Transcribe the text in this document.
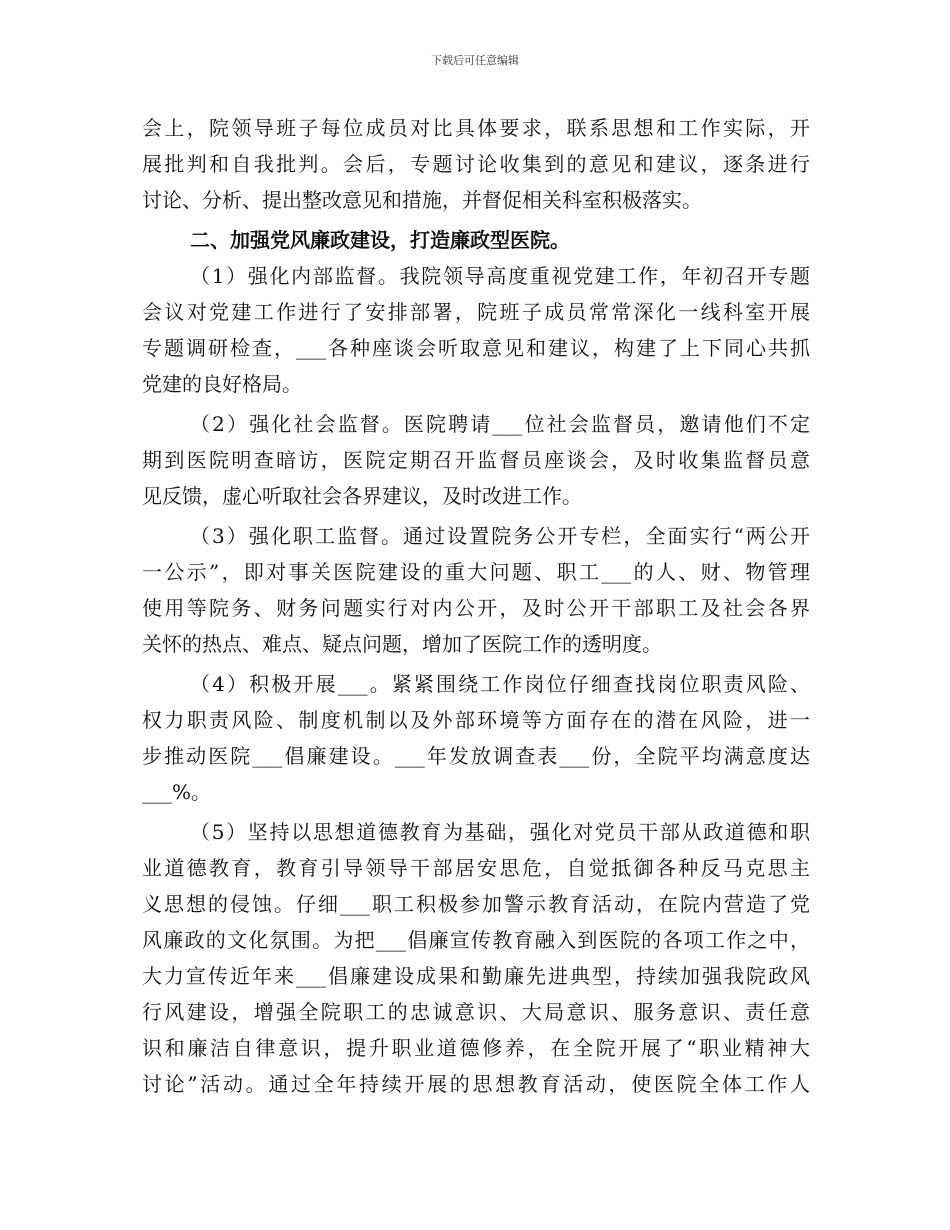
下载后可任意编辑
会上，院领导班子每位成员对比具体要求，联系思想和工作实际，开
展批判和自我批判。会后，专题讨论收集到的意见和建议，逐条进行
讨论、分析、提出整改意见和措施，并督促相关科室积极落实。
二、加强党风廉政建设，打造廉政型医院。
（1）强化内部监督。我院领导高度重视党建工作，年初召开专题
会议对党建工作进行了安排部署，院班子成员常常深化一线科室开展
专题调研检查，___各种座谈会听取意见和建议，构建了上下同心共抓
党建的良好格局。
（2）强化社会监督。医院聘请___位社会监督员，邀请他们不定
期到医院明查暗访，医院定期召开监督员座谈会，及时收集监督员意
见反馈，虚心听取社会各界建议，及时改进工作。
（3）强化职工监督。通过设置院务公开专栏，全面实行“两公开
一公示”，即对事关医院建设的重大问题、职工___的人、财、物管理
使用等院务、财务问题实行对内公开，及时公开干部职工及社会各界
关怀的热点、难点、疑点问题，增加了医院工作的透明度。
（4）积极开展___。紧紧围绕工作岗位仔细查找岗位职责风险、
权力职责风险、制度机制以及外部环境等方面存在的潜在风险，进一
步推动医院___倡廉建设。___年发放调查表___份，全院平均满意度达
___%。
（5）坚持以思想道德教育为基础，强化对党员干部从政道德和职
业道德教育，教育引导领导干部居安思危，自觉抵御各种反马克思主
义思想的侵蚀。仔细___职工积极参加警示教育活动，在院内营造了党
风廉政的文化氛围。为把___倡廉宣传教育融入到医院的各项工作之中，
大力宣传近年来___倡廉建设成果和勤廉先进典型，持续加强我院政风
行风建设，增强全院职工的忠诚意识、大局意识、服务意识、责任意
识和廉洁自律意识，提升职业道德修养，在全院开展了“职业精神大
讨论”活动。通过全年持续开展的思想教育活动，使医院全体工作人
